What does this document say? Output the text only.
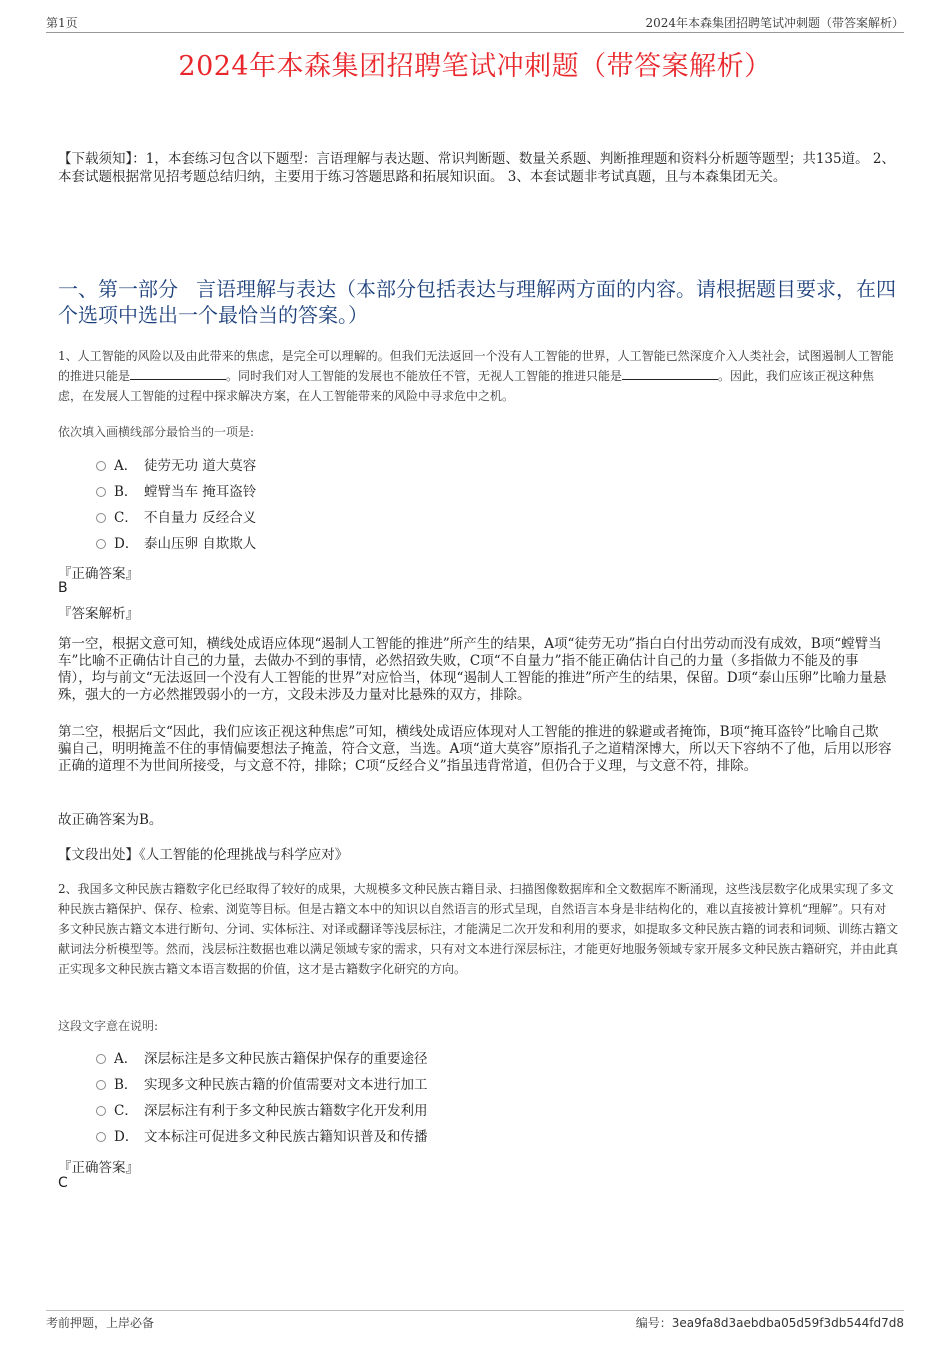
第1页	2024年本森集团招聘笔试冲刺题（带答案解析）
2024年本森集团招聘笔试冲刺题（带答案解析）
【下载须知】：1，本套练习包含以下题型：言语理解与表达题、常识判断题、数量关系题、判断推理题和资料分析题等题型；共135道。 2、本套试题根据常见招考题总结归纳，主要用于练习答题思路和拓展知识面。 3、本套试题非考试真题，且与本森集团无关。
一、第一部分 言语理解与表达（本部分包括表达与理解两方面的内容。请根据题目要求，在四个选项中选出一个最恰当的答案。）
1、人工智能的风险以及由此带来的焦虑，是完全可以理解的。但我们无法返回一个没有人工智能的世界，人工智能已然深度介入人类社会，试图遏制人工智能的推进只能是	。同时我们对人工智能的发展也不能放任不管，无视人工智能的推进只能是	。因此，我们应该正视这种焦虑，在发展人工智能的过程中探求解决方案，在人工智能带来的风险中寻求危中之机。
依次填入画横线部分最恰当的一项是:
A． 徒劳无功 道大莫容
B． 螳臂当车 掩耳盗铃
C． 不自量力 反经合义
D． 泰山压卵 自欺欺人
『正确答案』
B
『答案解析』
第一空，根据文意可知，横线处成语应体现“遏制人工智能的推进”所产生的结果，A项“徒劳无功”指白白付出劳动而没有成效，B项“螳臂当车”比喻不正确估计自己的力量，去做办不到的事情，必然招致失败，C项“不自量力”指不能正确估计自己的力量（多指做力不能及的事情），均与前文“无法返回一个没有人工智能的世界”对应恰当，体现“遏制人工智能的推进”所产生的结果，保留。D项“泰山压卵”比喻力量悬殊，强大的一方必然摧毁弱小的一方，文段未涉及力量对比悬殊的双方，排除。
第二空，根据后文“因此，我们应该正视这种焦虑”可知，横线处成语应体现对人工智能的推进的躲避或者掩饰，B项“掩耳盗铃”比喻自己欺骗自己，明明掩盖不住的事情偏要想法子掩盖，符合文意，当选。A项“道大莫容”原指孔子之道精深博大，所以天下容纳不了他，后用以形容正确的道理不为世间所接受，与文意不符，排除；C项“反经合义”指虽违背常道，但仍合于义理，与文意不符，排除。
故正确答案为B。
【文段出处】《人工智能的伦理挑战与科学应对》
2、我国多文种民族古籍数字化已经取得了较好的成果，大规模多文种民族古籍目录、扫描图像数据库和全文数据库不断涌现，这些浅层数字化成果实现了多文种民族古籍保护、保存、检索、浏览等目标。但是古籍文本中的知识以自然语言的形式呈现，自然语言本身是非结构化的，难以直接被计算机“理解”。只有对多文种民族古籍文本进行断句、分词、实体标注、对译或翻译等浅层标注，才能满足二次开发和利用的要求，如提取多文种民族古籍的词表和词频、训练古籍文献词法分析模型等。然而，浅层标注数据也难以满足领域专家的需求，只有对文本进行深层标注，才能更好地服务领域专家开展多文种民族古籍研究，并由此真正实现多文种民族古籍文本语言数据的价值，这才是古籍数字化研究的方向。
这段文字意在说明:
A． 深层标注是多文种民族古籍保护保存的重要途径
B． 实现多文种民族古籍的价值需要对文本进行加工
C． 深层标注有利于多文种民族古籍数字化开发利用
D． 文本标注可促进多文种民族古籍知识普及和传播
『正确答案』
C
考前押题，上岸必备	编号：3ea9fa8d3aebdba05d59f3db544fd7d8
